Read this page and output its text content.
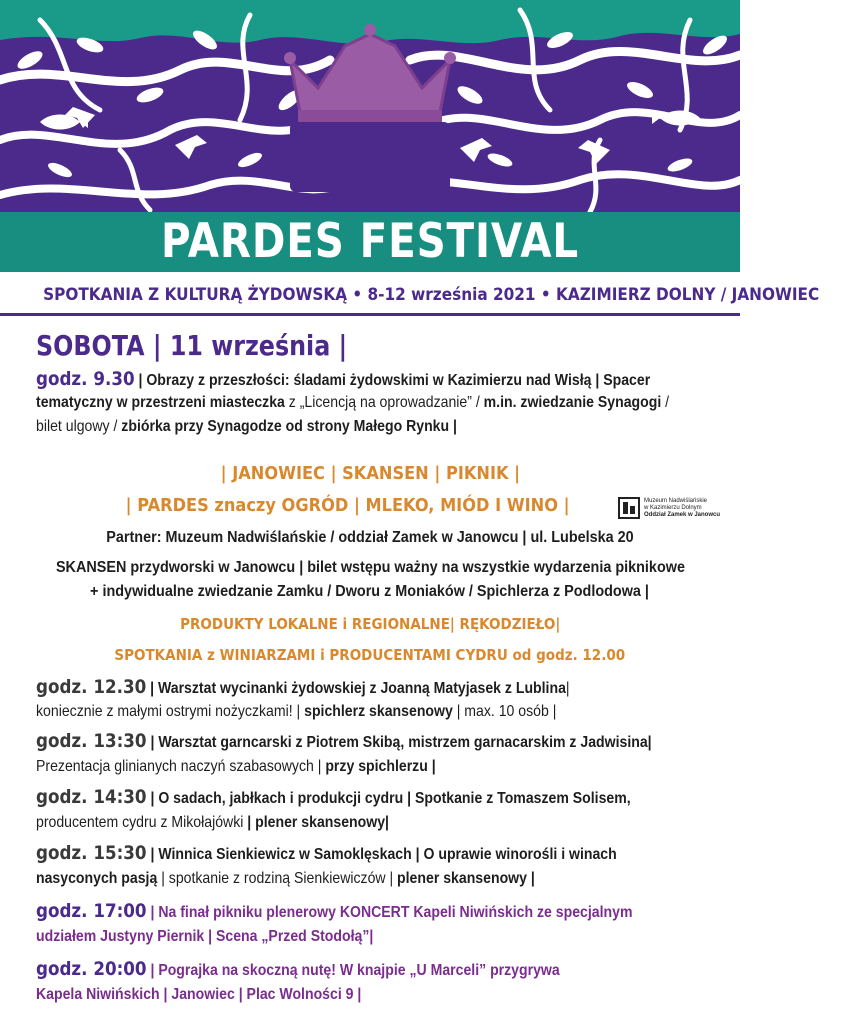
PARDES FESTIVAL
SPOTKANIA Z KULTURĄ ŻYDOWSKĄ • 8-12 września 2021 • KAZIMIERZ DOLNY / JANOWIEC
SOBOTA | 11 września |
godz. 9.30 | Obrazy z przeszłości: śladami żydowskimi w Kazimierzu nad Wisłą | Spacer
tematyczny w przestrzeni miasteczka z „Licencją na oprowadzanie” / m.in. zwiedzanie Synagogi /
bilet ulgowy / zbiórka przy Synagodze od strony Małego Rynku |
| JANOWIEC | SKANSEN | PIKNIK |
| PARDES znaczy OGRÓD | MLEKO, MIÓD I WINO |
Partner: Muzeum Nadwiślańskie / oddział Zamek w Janowcu | ul. Lubelska 20
SKANSEN przydworski w Janowcu | bilet wstępu ważny na wszystkie wydarzenia piknikowe
+ indywidualne zwiedzanie Zamku / Dworu z Moniaków / Spichlerza z Podlodowa |
PRODUKTY LOKALNE i REGIONALNE| RĘKODZIEŁO|
SPOTKANIA z WINIARZAMI i PRODUCENTAMI CYDRU od godz. 12.00
godz. 12.30 | Warsztat wycinanki żydowskiej z Joanną Matyjasek z Lublina|
koniecznie z małymi ostrymi nożyczkami! | spichlerz skansenowy | max. 10 osób |
godz. 13:30 | Warsztat garncarski z Piotrem Skibą, mistrzem garnacarskim z Jadwisina|
Prezentacja glinianych naczyń szabasowych | przy spichlerzu |
godz. 14:30 | O sadach, jabłkach i produkcji cydru | Spotkanie z Tomaszem Solisem,
producentem cydru z Mikołajówki | plener skansenowy|
godz. 15:30 | Winnica Sienkiewicz w Samoklęskach | O uprawie winorośli i winach
nasyconych pasją | spotkanie z rodziną Sienkiewiczów | plener skansenowy |
godz. 17:00 | Na finał pikniku plenerowy KONCERT Kapeli Niwińskich ze specjalnym
udziałem Justyny Piernik | Scena „Przed Stodołą”|
godz. 20:00 | Pograjka na skoczną nutę! W knajpie „U Marceli” przygrywa
Kapela Niwińskich | Janowiec | Plac Wolności 9 |
Muzeum Nadwiślańskie
w Kazimierzu Dolnym
Oddział Zamek w Janowcu
